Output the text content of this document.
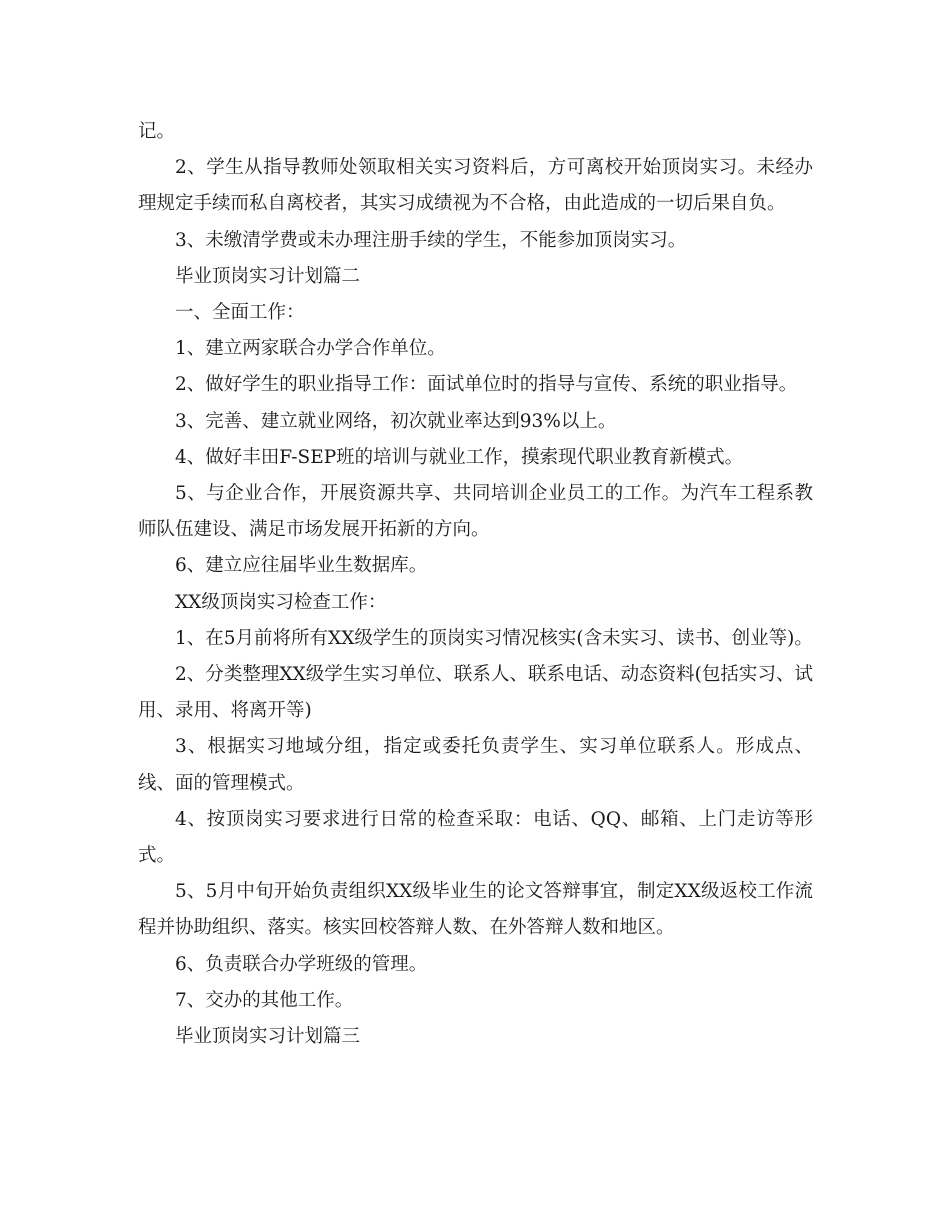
记。

2、学生从指导教师处领取相关实习资料后，方可离校开始顶岗实习。未经办理规定手续而私自离校者，其实习成绩视为不合格，由此造成的一切后果自负。

3、未缴清学费或未办理注册手续的学生，不能参加顶岗实习。

毕业顶岗实习计划篇二

一、全面工作：

1、建立两家联合办学合作单位。

2、做好学生的职业指导工作：面试单位时的指导与宣传、系统的职业指导。

3、完善、建立就业网络，初次就业率达到93%以上。

4、做好丰田F-SEP班的培训与就业工作，摸索现代职业教育新模式。

5、与企业合作，开展资源共享、共同培训企业员工的工作。为汽车工程系教师队伍建设、满足市场发展开拓新的方向。

6、建立应往届毕业生数据库。

XX级顶岗实习检查工作：

1、在5月前将所有XX级学生的顶岗实习情况核实(含未实习、读书、创业等)。

2、分类整理XX级学生实习单位、联系人、联系电话、动态资料(包括实习、试用、录用、将离开等)

3、根据实习地域分组，指定或委托负责学生、实习单位联系人。形成点、线、面的管理模式。

4、按顶岗实习要求进行日常的检查采取：电话、QQ、邮箱、上门走访等形式。

5、5月中旬开始负责组织XX级毕业生的论文答辩事宜，制定XX级返校工作流程并协助组织、落实。核实回校答辩人数、在外答辩人数和地区。

6、负责联合办学班级的管理。

7、交办的其他工作。

毕业顶岗实习计划篇三
